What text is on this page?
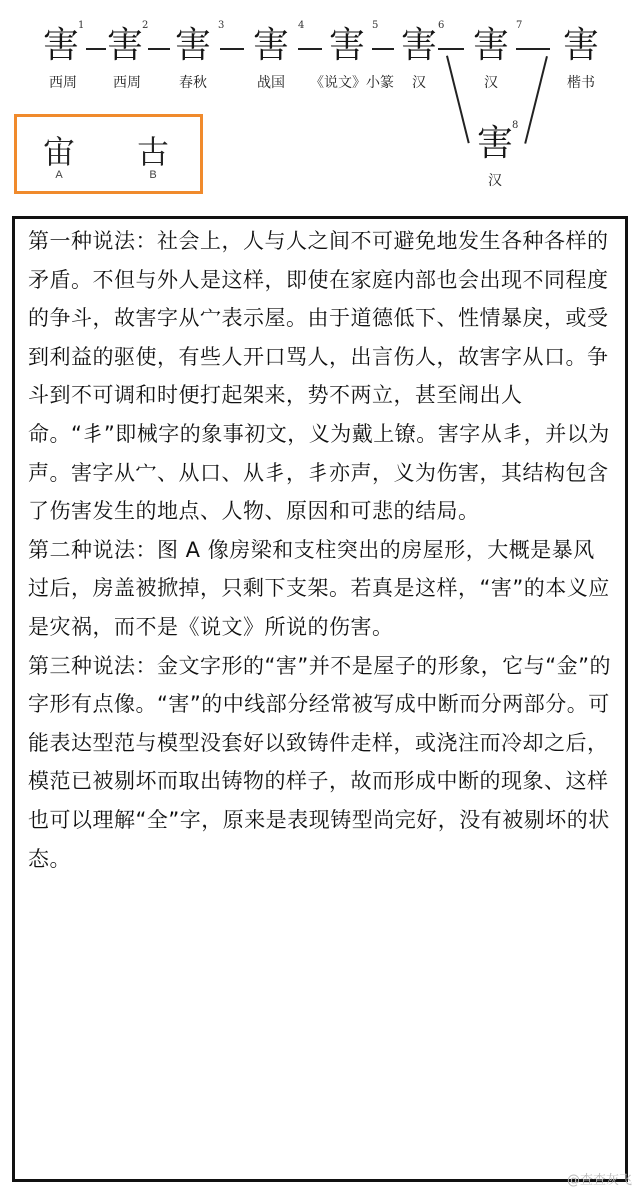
1
害
西周
2
害
西周
3
害
春秋
4
害
战国
5
害
《说文》小篆
6
害
汉
7
害
汉
害
楷书
8
害
汉
宙
A
古
B

第一种说法：社会上，人与人之间不可避免地发生各种各样的矛盾。不但与外人是这样，即使在家庭内部也会出现不同程度的争斗，故害字从宀表示屋。由于道德低下、性情暴戾，或受到利益的驱使，有些人开口骂人，出言伤人，故害字从口。争斗到不可调和时便打起架来，势不两立，甚至闹出人命。“丯”即械字的象事初文，义为戴上镣。害字从丯，并以为声。害字从宀、从口、从丯，丯亦声，义为伤害，其结构包含了伤害发生的地点、人物、原因和可悲的结局。

第二种说法：图 A 像房梁和支柱突出的房屋形，大概是暴风过后，房盖被掀掉，只剩下支架。若真是这样，“害”的本义应是灾祸，而不是《说文》所说的伤害。

第三种说法：金文字形的“害”并不是屋子的形象，它与“金”的字形有点像。“害”的中线部分经常被写成中断而分两部分。可能表达型范与模型没套好以致铸件走样，或浇注而冷却之后，模范已被剔坏而取出铸物的样子，故而形成中断的现象、这样也可以理解“全”字，原来是表现铸型尚完好，没有被剔坏的状态。

@查查灰飞
